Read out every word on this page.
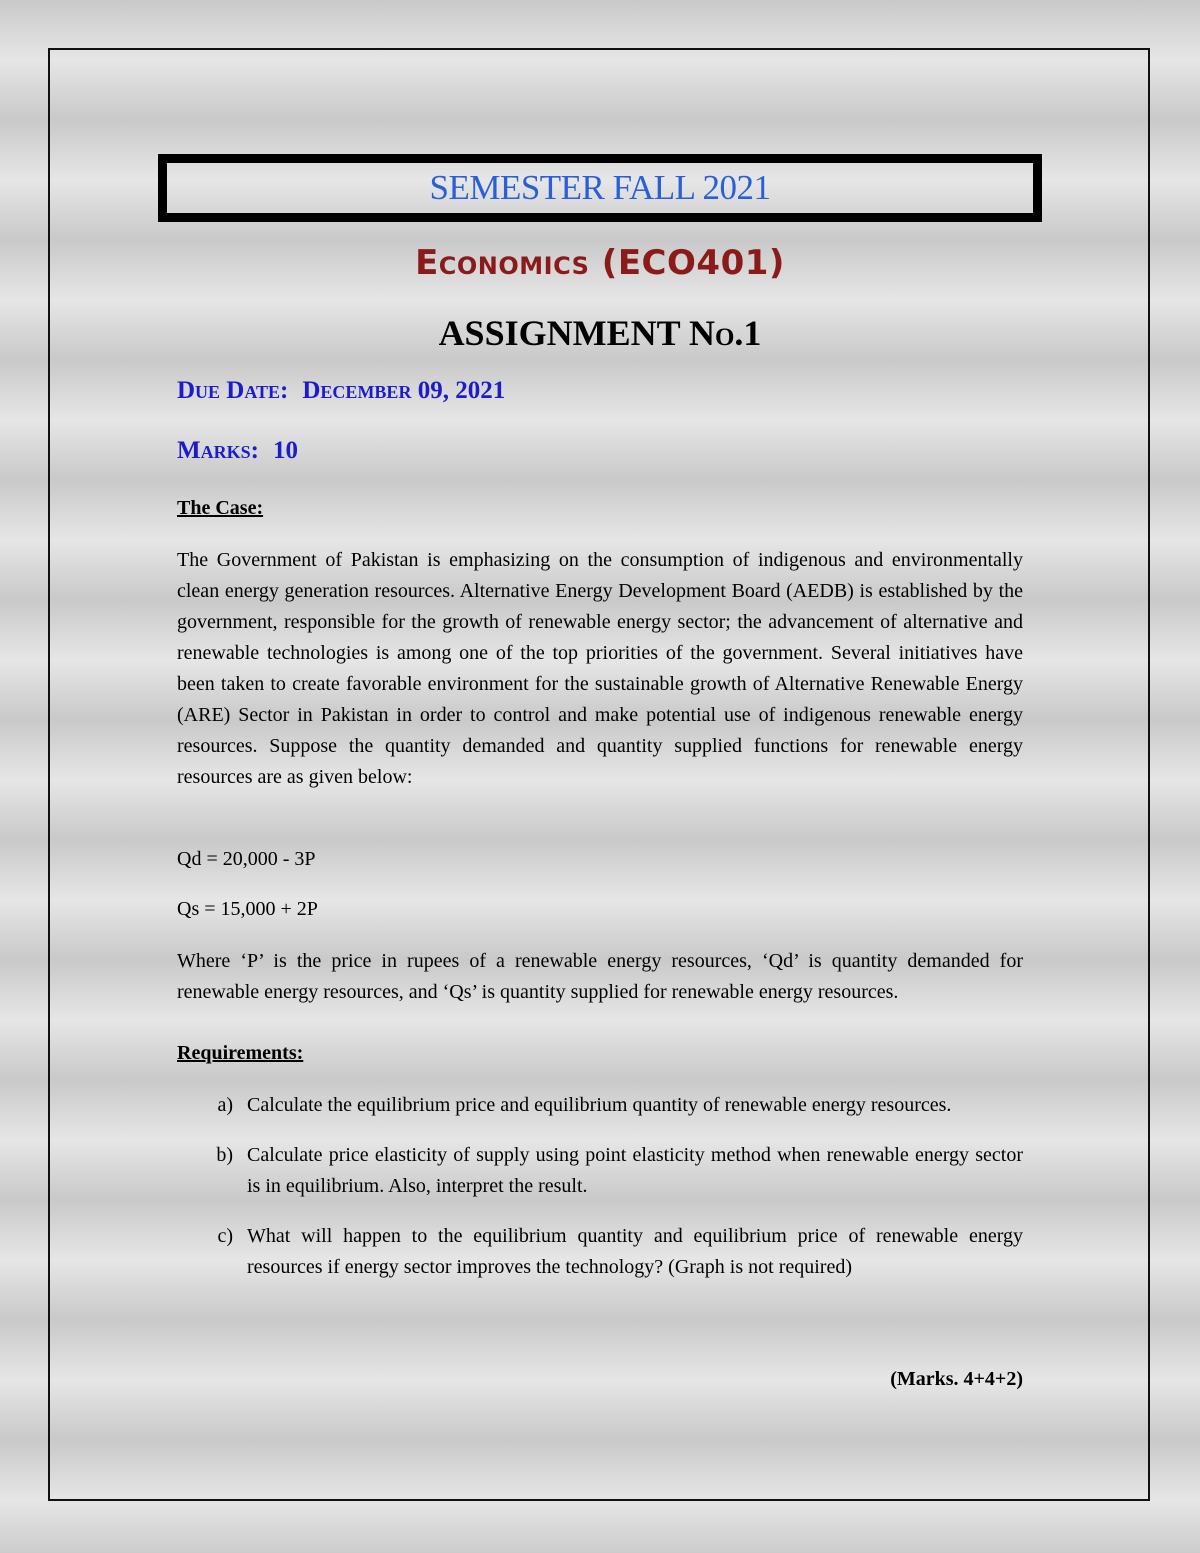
SEMESTER FALL 2021
Economics (ECO401)
ASSIGNMENT No.1
Due Date: December 09, 2021
Marks: 10
The Case:

The Government of Pakistan is emphasizing on the consumption of indigenous and environmentally clean energy generation resources. Alternative Energy Development Board (AEDB) is established by the government, responsible for the growth of renewable energy sector; the advancement of alternative and renewable technologies is among one of the top priorities of the government. Several initiatives have been taken to create favorable environment for the sustainable growth of Alternative Renewable Energy (ARE) Sector in Pakistan in order to control and make potential use of indigenous renewable energy resources. Suppose the quantity demanded and quantity supplied functions for renewable energy resources are as given below:

Qd = 20,000 - 3P
Qs = 15,000 + 2P

Where ‘P’ is the price in rupees of a renewable energy resources, ‘Qd’ is quantity demanded for renewable energy resources, and ‘Qs’ is quantity supplied for renewable energy resources.

Requirements:
a) Calculate the equilibrium price and equilibrium quantity of renewable energy resources.
b) Calculate price elasticity of supply using point elasticity method when renewable energy sector is in equilibrium. Also, interpret the result.
c) What will happen to the equilibrium quantity and equilibrium price of renewable energy resources if energy sector improves the technology? (Graph is not required)
(Marks. 4+4+2)
